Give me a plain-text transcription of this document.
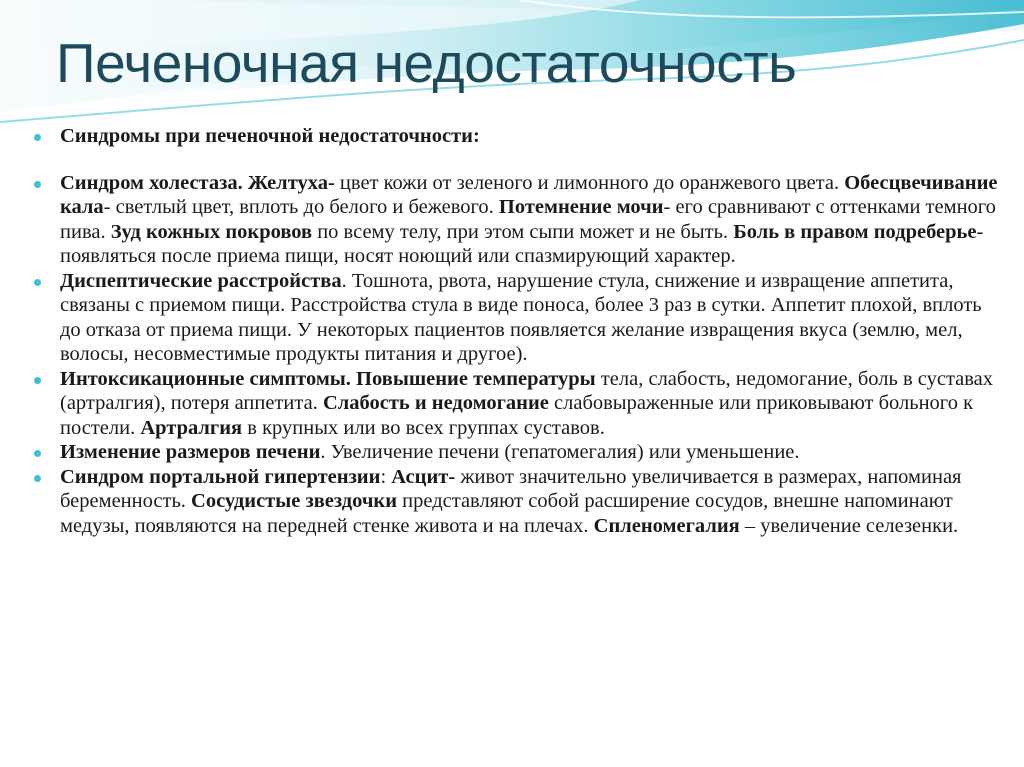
Печеночная недостаточность

Синдромы при печеночной недостаточности:

Синдром холестаза. Желтуха- цвет кожи от зеленого и лимонного до оранжевого цвета. Обесцвечивание кала- светлый цвет, вплоть до белого и бежевого. Потемнение мочи- его сравнивают с оттенками темного пива. Зуд кожных покровов по всему телу, при этом сыпи может и не быть. Боль в правом подреберье- появляться после приема пищи, носят ноющий или спазмирующий характер.

Диспептические расстройства. Тошнота, рвота, нарушение стула, снижение и извращение аппетита, связаны с приемом пищи. Расстройства стула в виде поноса, более 3 раз в сутки. Аппетит плохой, вплоть до отказа от приема пищи. У некоторых пациентов появляется желание извращения вкуса (землю, мел, волосы, несовместимые продукты питания и другое).

Интоксикационные симптомы. Повышение температуры тела, слабость, недомогание, боль в суставах (артралгия), потеря аппетита. Слабость и недомогание слабовыраженные или приковывают больного к постели. Артралгия в крупных или во всех группах суставов.

Изменение размеров печени. Увеличение печени (гепатомегалия) или уменьшение.

Синдром портальной гипертензии: Асцит- живот значительно увеличивается в размерах, напоминая беременность. Сосудистые звездочки представляют собой расширение сосудов, внешне напоминают медузы, появляются на передней стенке живота и на плечах. Спленомегалия – увеличение селезенки.
